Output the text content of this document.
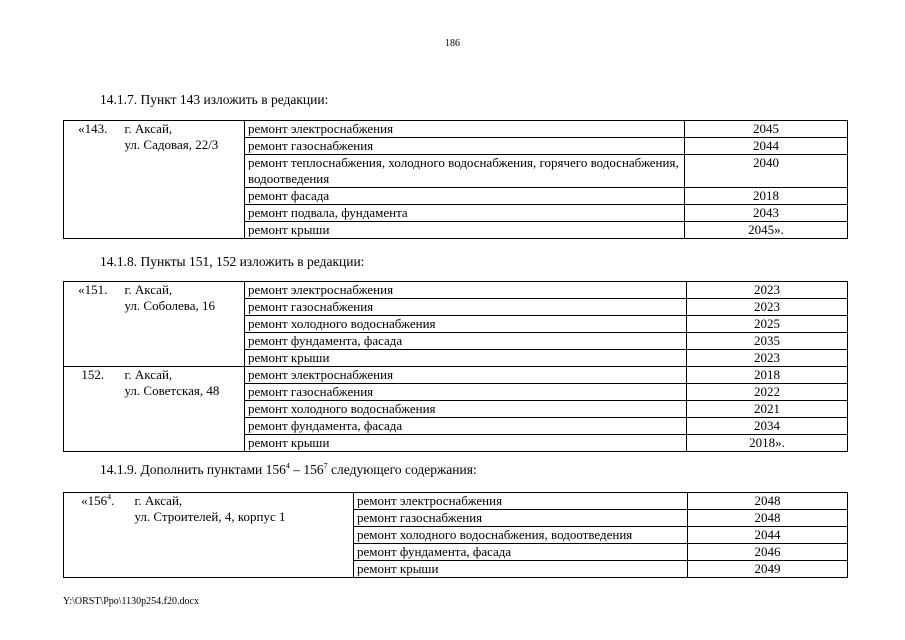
186
14.1.7. Пункт 143 изложить в редакции:
«143.	г. Аксай,
ул. Садовая, 22/3	ремонт электроснабжения	2045
		ремонт газоснабжения	2044
		ремонт теплоснабжения, холодного водоснабжения, горячего водоснабжения, водоотведения	2040
		ремонт фасада	2018
		ремонт подвала, фундамента	2043
		ремонт крыши	2045».
14.1.8. Пункты 151, 152 изложить в редакции:
«151.	г. Аксай,
ул. Соболева, 16	ремонт электроснабжения	2023
		ремонт газоснабжения	2023
		ремонт холодного водоснабжения	2025
		ремонт фундамента, фасада	2035
		ремонт крыши	2023
152.	г. Аксай,
ул. Советская, 48	ремонт электроснабжения	2018
		ремонт газоснабжения	2022
		ремонт холодного водоснабжения	2021
		ремонт фундамента, фасада	2034
		ремонт крыши	2018».
14.1.9. Дополнить пунктами $156^4 - 156^7$ следующего содержания:
«$156^4$.	г. Аксай,
ул. Строителей, 4, корпус 1	ремонт электроснабжения	2048
		ремонт газоснабжения	2048
		ремонт холодного водоснабжения, водоотведения	2044
		ремонт фундамента, фасада	2046
		ремонт крыши	2049
Y:\ORST\Ppo\1130p254.f20.docx
